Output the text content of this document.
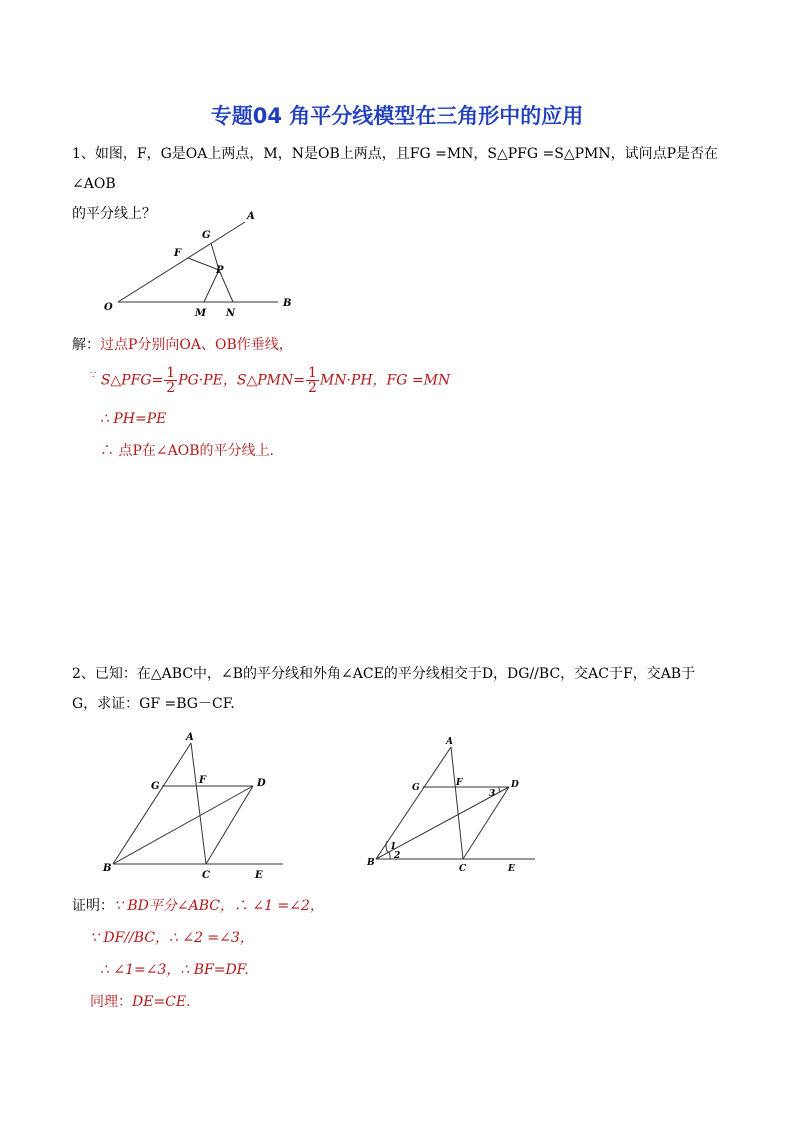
专题04 角平分线模型在三角形中的应用
1、如图，F，G是OA上两点，M，N是OB上两点，且FG =MN，S△PFG =S△PMN，试问点P是否在∠AOB
的平分线上？	A
G
F
P
O
M N
B
解：过点P分别向OA、OB作垂线，
∵ S△PFG= $\frac{1}{2} PG\cdot PE$，S△PMN= $\frac{1}{2} MN\cdot PH$，FG =MN
∴ PH=PE
∴ 点P在∠AOB的平分线上.
2、已知：在△ABC中，∠B的平分线和外角∠ACE的平分线相交于D，DG//BC，交AC于F，交AB于
G，求证：GF =BG－CF.
A
F
G	D
B
C	E
A
F
G	D
B
C	E
1
2
3
证明：∵ BD平分∠ABC，∴ ∠1 =∠2，
∵ DF//BC，∴ ∠2 =∠3，
∴ ∠1=∠3，∴ BF=DF.
同理：DE=CE.
